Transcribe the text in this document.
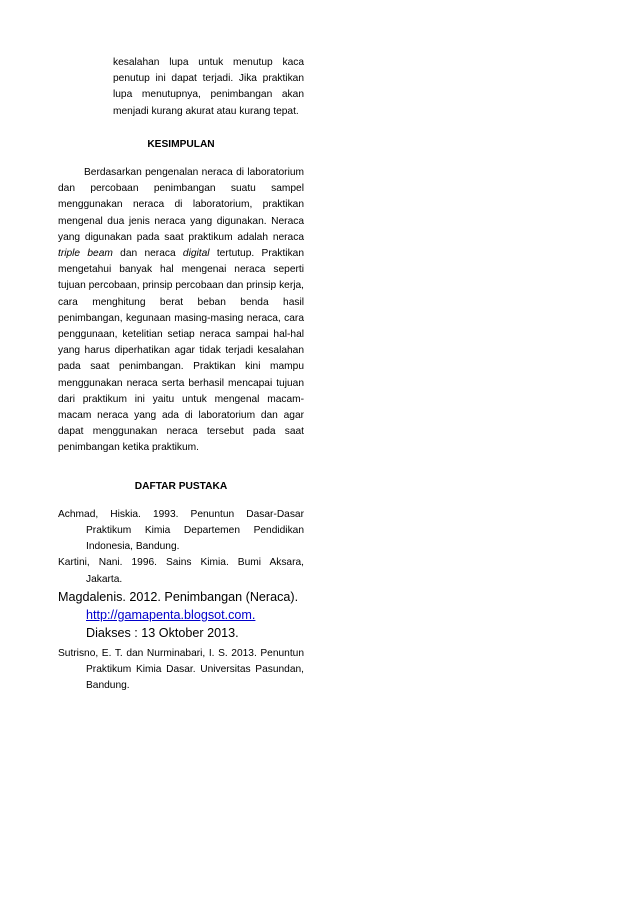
kesalahan lupa untuk menutup kaca penutup ini dapat terjadi. Jika praktikan lupa menutupnya, penimbangan akan menjadi kurang akurat atau kurang tepat.

KESIMPULAN

Berdasarkan pengenalan neraca di laboratorium dan percobaan penimbangan suatu sampel menggunakan neraca di laboratorium, praktikan mengenal dua jenis neraca yang digunakan. Neraca yang digunakan pada saat praktikum adalah neraca triple beam dan neraca digital tertutup. Praktikan mengetahui banyak hal mengenai neraca seperti tujuan percobaan, prinsip percobaan dan prinsip kerja, cara menghitung berat beban benda hasil penimbangan, kegunaan masing-masing neraca, cara penggunaan, ketelitian setiap neraca sampai hal-hal yang harus diperhatikan agar tidak terjadi kesalahan pada saat penimbangan. Praktikan kini mampu menggunakan neraca serta berhasil mencapai tujuan dari praktikum ini yaitu untuk mengenal macam-macam neraca yang ada di laboratorium dan agar dapat menggunakan neraca tersebut pada saat penimbangan ketika praktikum.

DAFTAR PUSTAKA

Achmad, Hiskia. 1993. Penuntun Dasar-Dasar Praktikum Kimia Departemen Pendidikan Indonesia, Bandung.

Kartini, Nani. 1996. Sains Kimia. Bumi Aksara, Jakarta.

Magdalenis. 2012. Penimbangan (Neraca).

http://gamapenta.blogsot.com.

Diakses : 13 Oktober 2013.

Sutrisno, E. T. dan Nurminabari, I. S. 2013. Penuntun Praktikum Kimia Dasar. Universitas Pasundan, Bandung.
